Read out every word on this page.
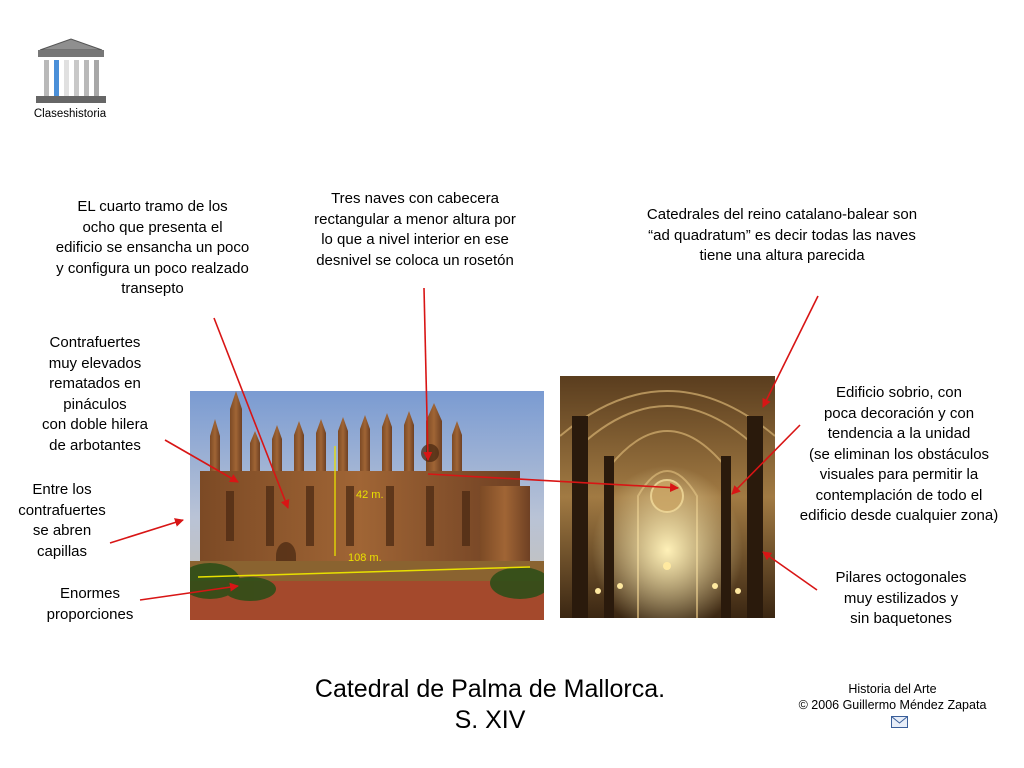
Claseshistoria
EL cuarto tramo de los
ocho que presenta el
edificio se ensancha un poco
y configura un poco realzado
transepto
Tres naves con cabecera
rectangular a menor altura por
lo que a nivel interior en ese
desnivel se coloca un rosetón
Catedrales del reino catalano-balear son
“ad quadratum” es decir todas las naves
tiene una altura parecida
Contrafuertes
muy elevados
rematados en
pináculos
con doble hilera
de arbotantes
Entre los
contrafuertes
se abren
capillas
Enormes
proporciones
Edificio sobrio, con
poca decoración y con
tendencia a la unidad
(se eliminan los obstáculos
visuales para permitir la
contemplación de todo el
edificio desde cualquier zona)
Pilares octogonales
muy estilizados y
sin baquetones
42 m.
108 m.
Catedral de Palma de Mallorca.
S. XIV
Historia del Arte
© 2006 Guillermo Méndez Zapata
